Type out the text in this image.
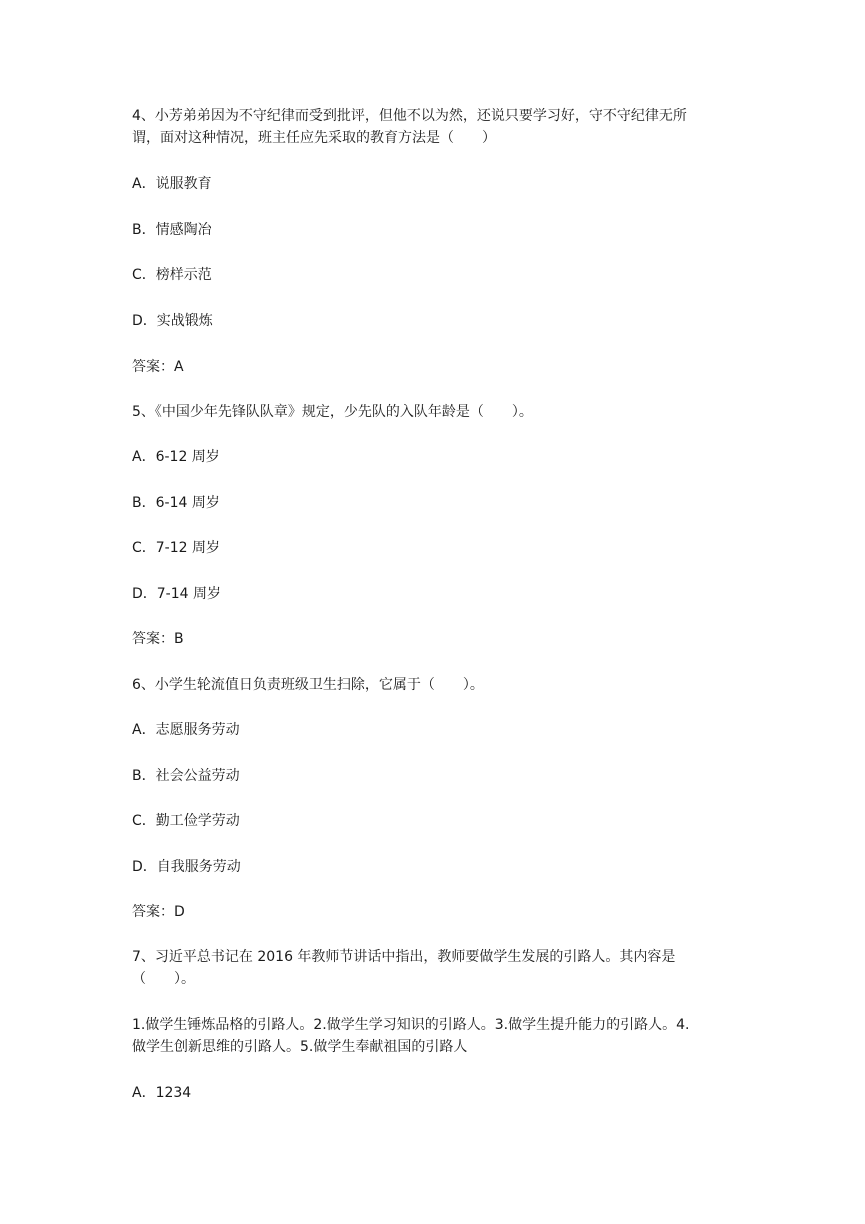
4、小芳弟弟因为不守纪律而受到批评，但他不以为然，还说只要学习好，守不守纪律无所
谓，面对这种情况，班主任应先采取的教育方法是（　　）
A．说服教育
B．情感陶冶
C．榜样示范
D．实战锻炼
答案：A
5、《中国少年先锋队队章》规定，少先队的入队年龄是（　　）。
A．6-12 周岁
B．6-14 周岁
C．7-12 周岁
D．7-14 周岁
答案：B
6、小学生轮流值日负责班级卫生扫除，它属于（　　）。
A．志愿服务劳动
B．社会公益劳动
C．勤工俭学劳动
D．自我服务劳动
答案：D
7、习近平总书记在 2016 年教师节讲话中指出，教师要做学生发展的引路人。其内容是
（　　）。
1.做学生锤炼品格的引路人。2.做学生学习知识的引路人。3.做学生提升能力的引路人。4.
做学生创新思维的引路人。5.做学生奉献祖国的引路人
A．1234
